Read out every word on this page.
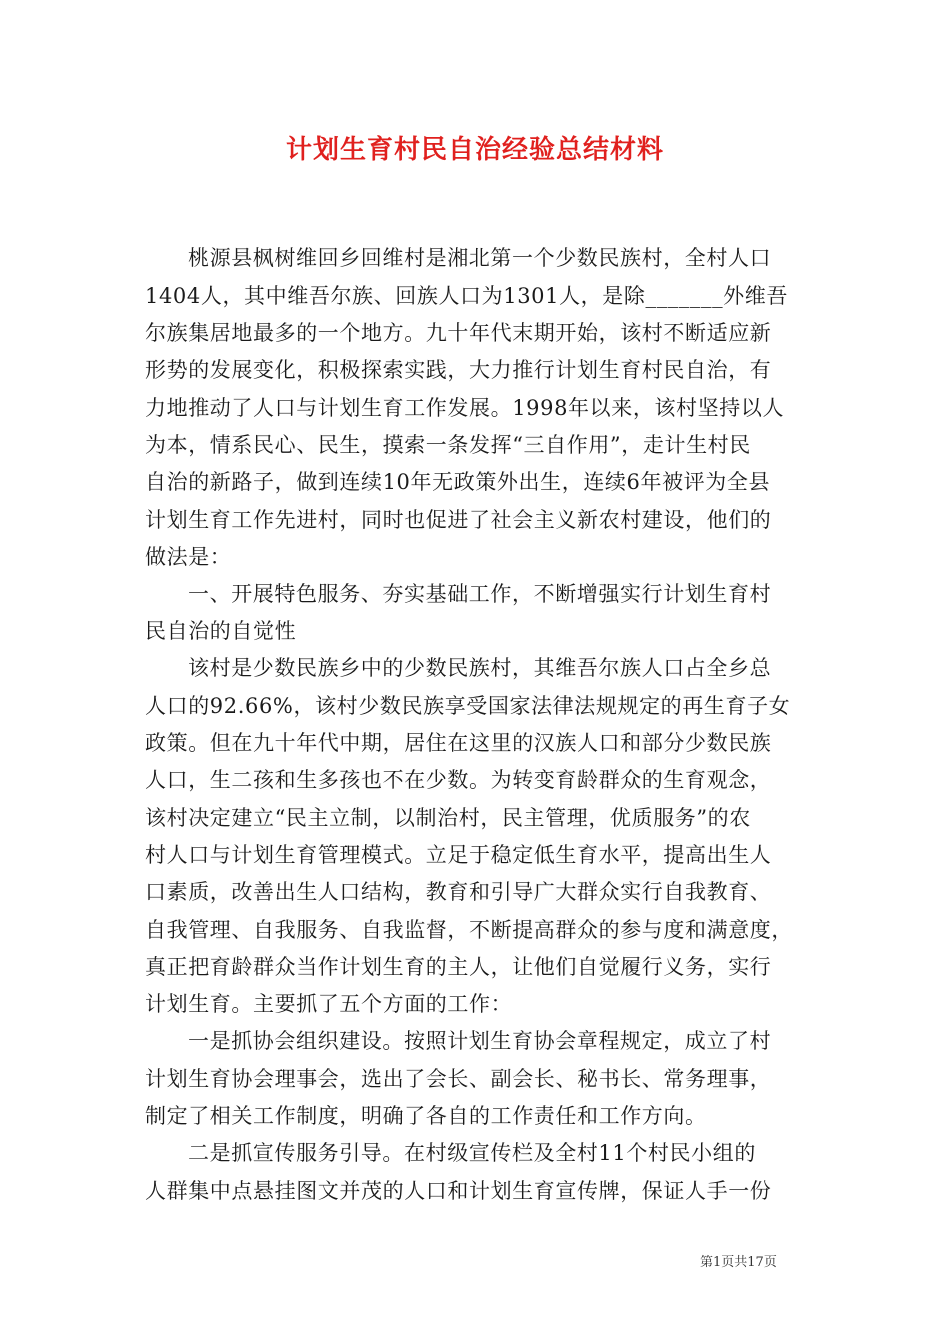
计划生育村民自治经验总结材料
桃源县枫树维回乡回维村是湘北第一个少数民族村，全村人口
1404人，其中维吾尔族、回族人口为1301人，是除_______外维吾
尔族集居地最多的一个地方。九十年代末期开始，该村不断适应新
形势的发展变化，积极探索实践，大力推行计划生育村民自治，有
力地推动了人口与计划生育工作发展。1998年以来，该村坚持以人
为本，情系民心、民生，摸索一条发挥“三自作用”，走计生村民
自治的新路子，做到连续10年无政策外出生，连续6年被评为全县
计划生育工作先进村，同时也促进了社会主义新农村建设，他们的
做法是：
一、开展特色服务、夯实基础工作，不断增强实行计划生育村
民自治的自觉性
该村是少数民族乡中的少数民族村，其维吾尔族人口占全乡总
人口的92.66%，该村少数民族享受国家法律法规规定的再生育子女
政策。但在九十年代中期，居住在这里的汉族人口和部分少数民族
人口，生二孩和生多孩也不在少数。为转变育龄群众的生育观念，
该村决定建立“民主立制，以制治村，民主管理，优质服务”的农
村人口与计划生育管理模式。立足于稳定低生育水平，提高出生人
口素质，改善出生人口结构，教育和引导广大群众实行自我教育、
自我管理、自我服务、自我监督，不断提高群众的参与度和满意度，
真正把育龄群众当作计划生育的主人，让他们自觉履行义务，实行
计划生育。主要抓了五个方面的工作：
一是抓协会组织建设。按照计划生育协会章程规定，成立了村
计划生育协会理事会，选出了会长、副会长、秘书长、常务理事，
制定了相关工作制度，明确了各自的工作责任和工作方向。
二是抓宣传服务引导。在村级宣传栏及全村11个村民小组的
人群集中点悬挂图文并茂的人口和计划生育宣传牌，保证人手一份
第1页共17页
